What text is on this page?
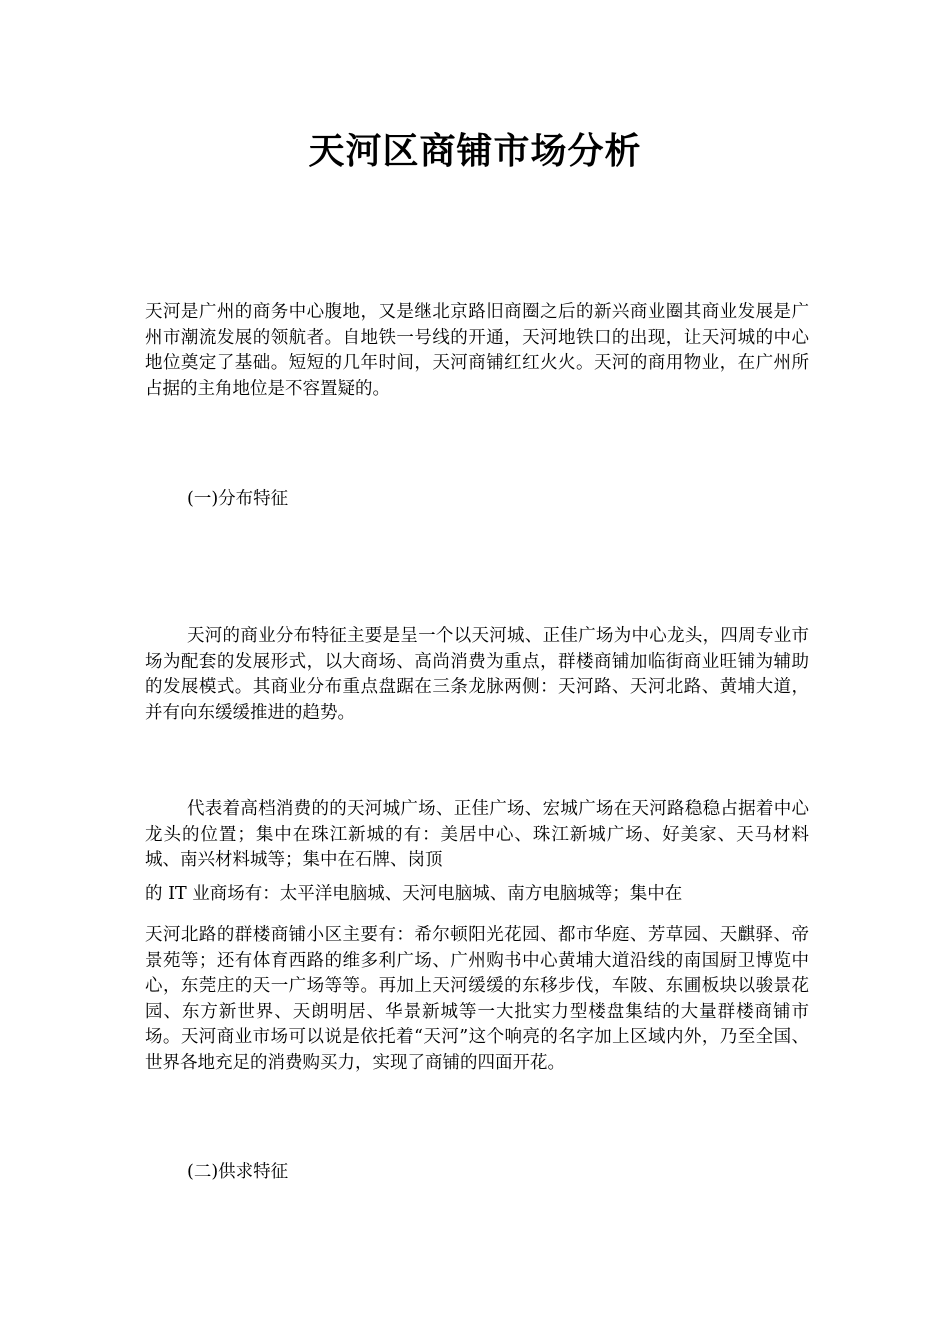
天河区商铺市场分析

天河是广州的商务中心腹地，又是继北京路旧商圈之后的新兴商业圈其商业发展是广州市潮流发展的领航者。自地铁一号线的开通，天河地铁口的出现，让天河城的中心地位奠定了基础。短短的几年时间，天河商铺红红火火。天河的商用物业，在广州所占据的主角地位是不容置疑的。

(一)分布特征

天河的商业分布特征主要是呈一个以天河城、正佳广场为中心龙头，四周专业市场为配套的发展形式，以大商场、高尚消费为重点，群楼商铺加临街商业旺铺为辅助的发展模式。其商业分布重点盘踞在三条龙脉两侧：天河路、天河北路、黄埔大道，并有向东缓缓推进的趋势。

代表着高档消费的的天河城广场、正佳广场、宏城广场在天河路稳稳占据着中心龙头的位置；集中在珠江新城的有：美居中心、珠江新城广场、好美家、天马材料城、南兴材料城等；集中在石牌、岗顶

的 IT 业商场有：太平洋电脑城、天河电脑城、南方电脑城等；集中在

天河北路的群楼商铺小区主要有：希尔顿阳光花园、都市华庭、芳草园、天麒驿、帝景苑等；还有体育西路的维多利广场、广州购书中心黄埔大道沿线的南国厨卫博览中心，东莞庄的天一广场等等。再加上天河缓缓的东移步伐，车陂、东圃板块以骏景花园、东方新世界、天朗明居、华景新城等一大批实力型楼盘集结的大量群楼商铺市场。天河商业市场可以说是依托着“天河”这个响亮的名字加上区域内外，乃至全国、世界各地充足的消费购买力，实现了商铺的四面开花。

(二)供求特征
